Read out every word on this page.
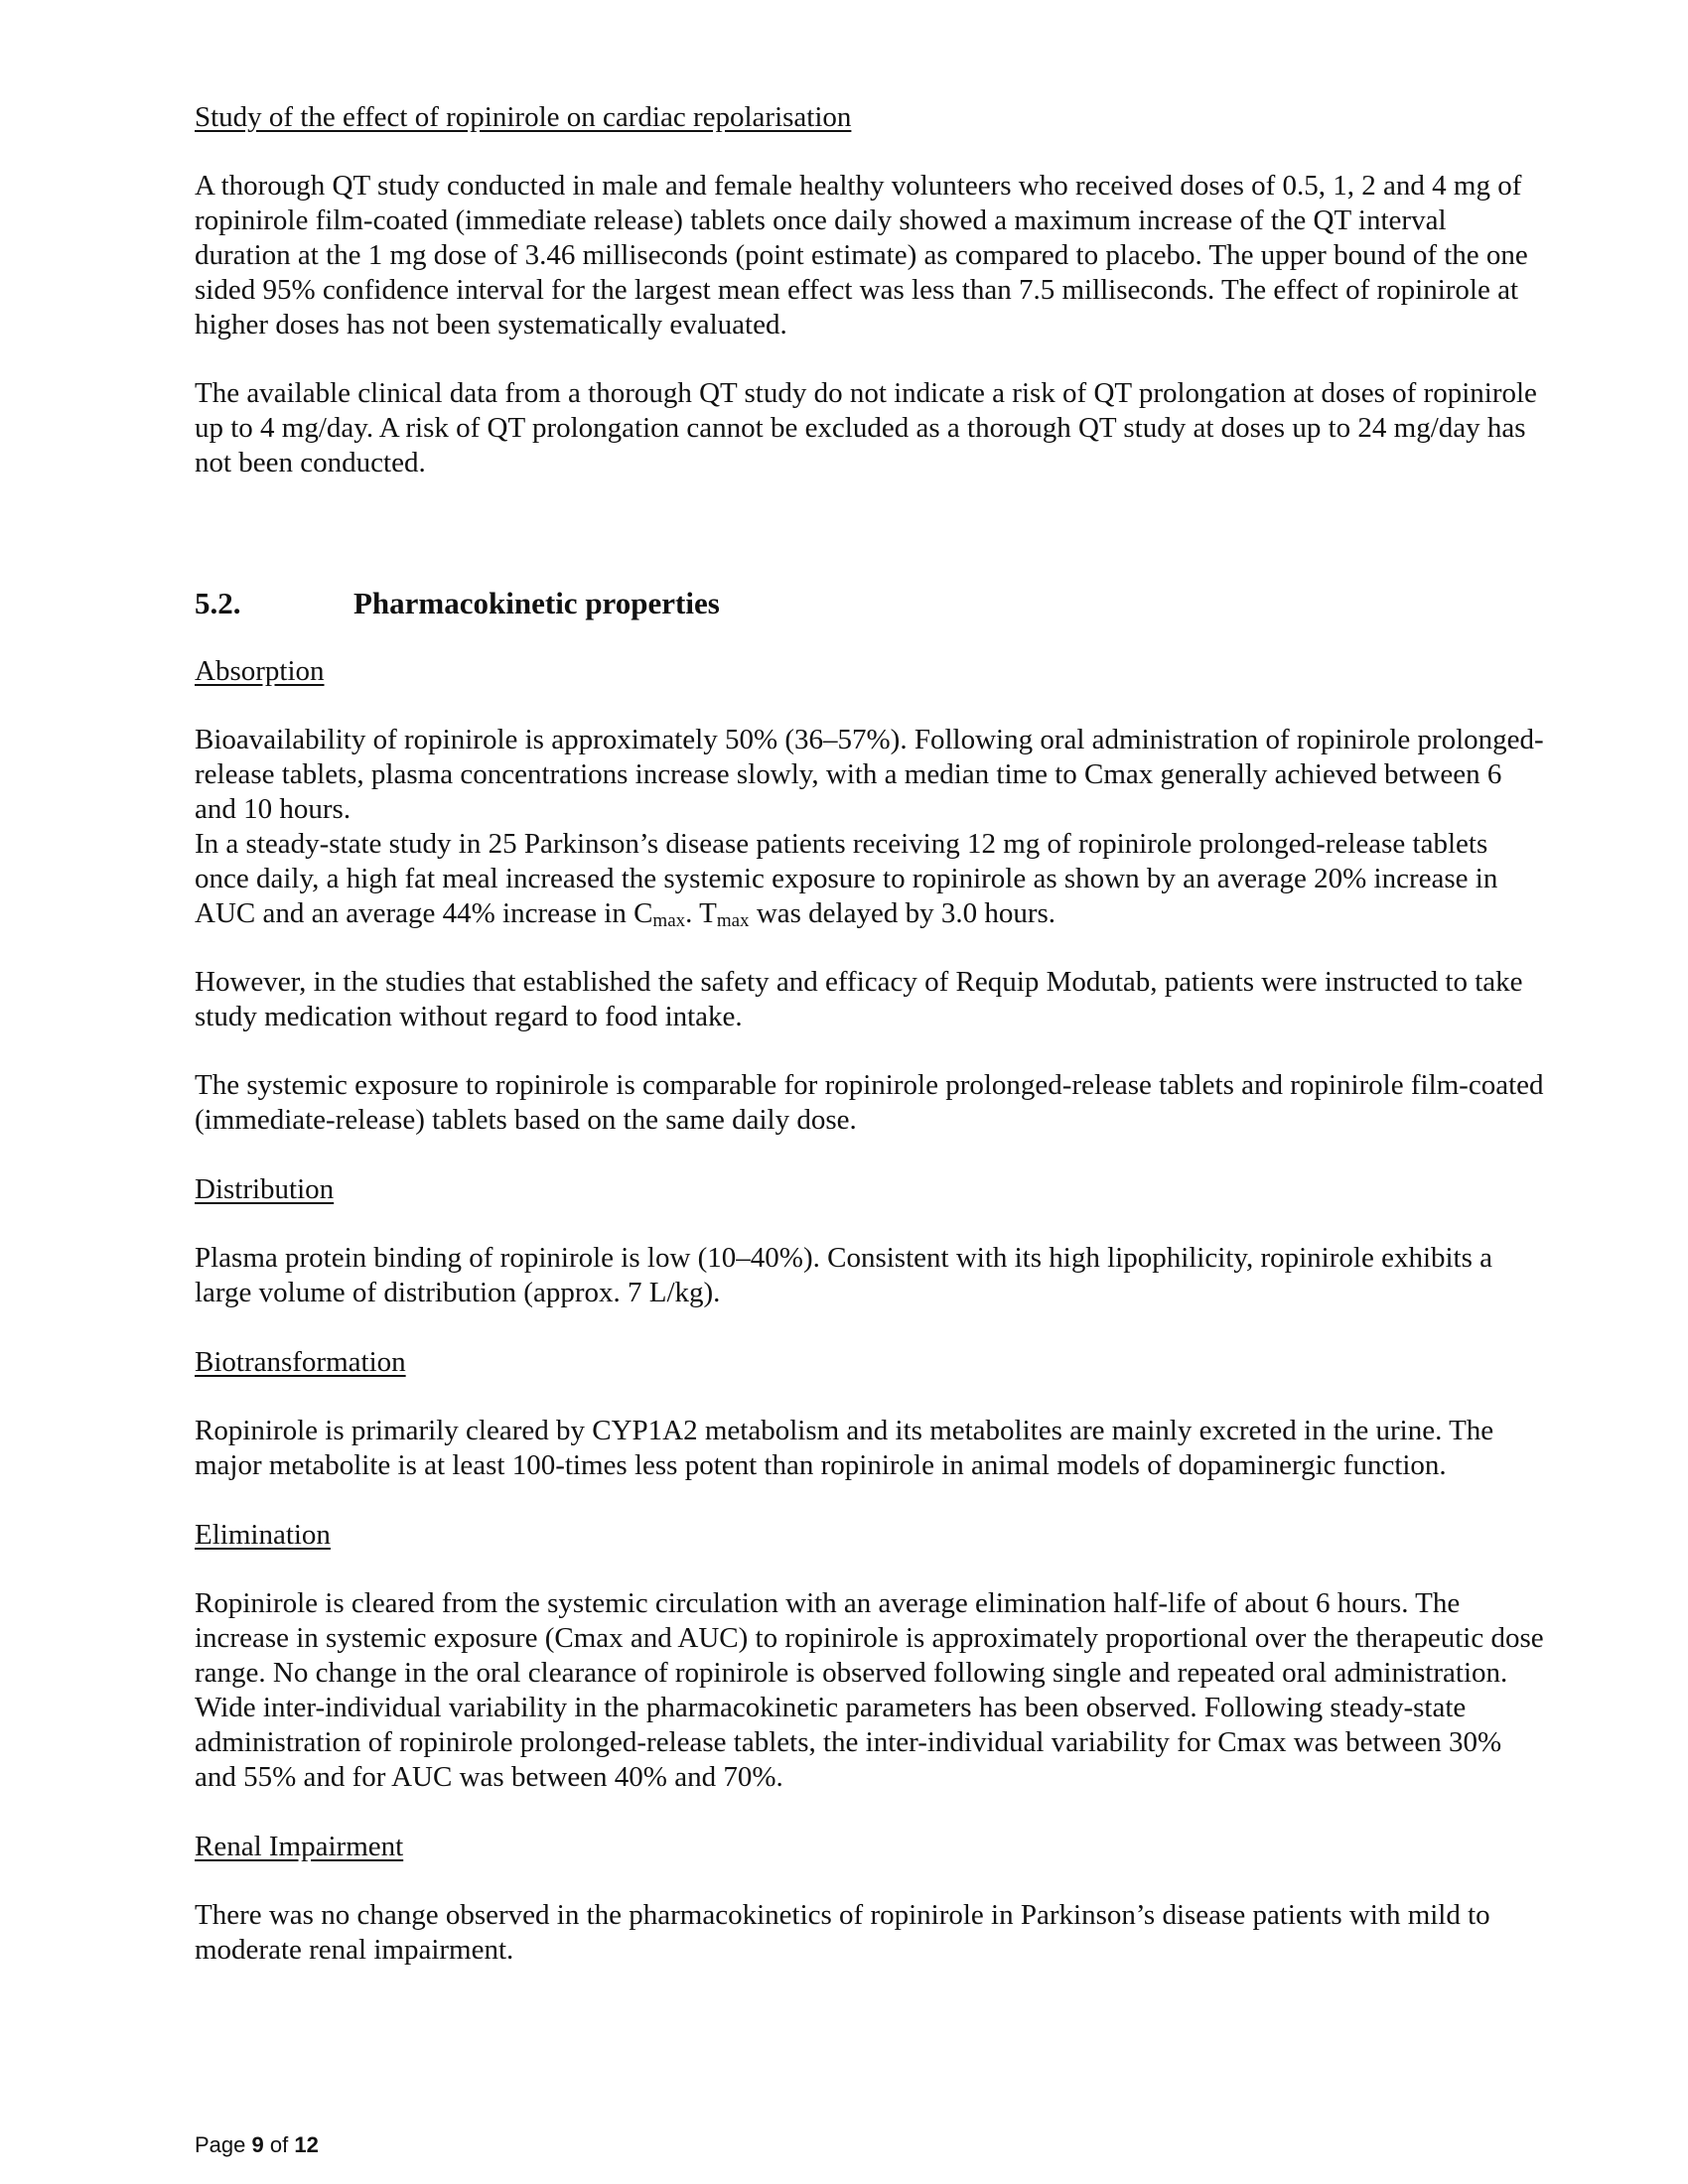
Study of the effect of ropinirole on cardiac repolarisation

A thorough QT study conducted in male and female healthy volunteers who received doses of 0.5, 1, 2 and 4 mg of ropinirole film-coated (immediate release) tablets once daily showed a maximum increase of the QT interval duration at the 1 mg dose of 3.46 milliseconds (point estimate) as compared to placebo. The upper bound of the one sided 95% confidence interval for the largest mean effect was less than 7.5 milliseconds. The effect of ropinirole at higher doses has not been systematically evaluated.

The available clinical data from a thorough QT study do not indicate a risk of QT prolongation at doses of ropinirole up to 4 mg/day. A risk of QT prolongation cannot be excluded as a thorough QT study at doses up to 24 mg/day has not been conducted.

5.2.	Pharmacokinetic properties

Absorption

Bioavailability of ropinirole is approximately 50% (36–57%). Following oral administration of ropinirole prolonged-release tablets, plasma concentrations increase slowly, with a median time to Cmax generally achieved between 6 and 10 hours.

In a steady-state study in 25 Parkinson’s disease patients receiving 12 mg of ropinirole prolonged-release tablets once daily, a high fat meal increased the systemic exposure to ropinirole as shown by an average 20% increase in AUC and an average 44% increase in $C_{max}$. $T_{max}$ was delayed by 3.0 hours.

However, in the studies that established the safety and efficacy of Requip Modutab, patients were instructed to take study medication without regard to food intake.

The systemic exposure to ropinirole is comparable for ropinirole prolonged-release tablets and ropinirole film-coated (immediate-release) tablets based on the same daily dose.

Distribution

Plasma protein binding of ropinirole is low (10–40%). Consistent with its high lipophilicity, ropinirole exhibits a large volume of distribution (approx. 7 L/kg).

Biotransformation

Ropinirole is primarily cleared by CYP1A2 metabolism and its metabolites are mainly excreted in the urine. The major metabolite is at least 100-times less potent than ropinirole in animal models of dopaminergic function.

Elimination

Ropinirole is cleared from the systemic circulation with an average elimination half-life of about 6 hours. The increase in systemic exposure (Cmax and AUC) to ropinirole is approximately proportional over the therapeutic dose range. No change in the oral clearance of ropinirole is observed following single and repeated oral administration. Wide inter-individual variability in the pharmacokinetic parameters has been observed. Following steady-state administration of ropinirole prolonged-release tablets, the inter-individual variability for Cmax was between 30% and 55% and for AUC was between 40% and 70%.

Renal Impairment

There was no change observed in the pharmacokinetics of ropinirole in Parkinson’s disease patients with mild to moderate renal impairment.

Page 9 of 12
